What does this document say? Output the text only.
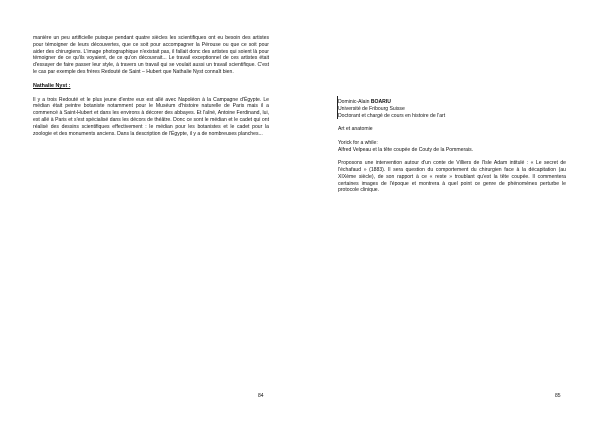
manière un peu artificielle puisque pendant quatre siècles les scientifiques ont eu besoin des artistes pour témoigner de leurs découvertes, que ce soit pour accompagner la Pérouse ou que ce soit pour aider des chirurgiens. L'image photographique n'existait pas, il fallait donc des artistes qui soient là pour témoigner de ce qu'ils voyaient, de ce qu'on découvrait... Le travail exceptionnel de ces artistes était d'essayer de faire passer leur style, à travers un travail qui se voulait aussi un travail scientifique. C'est le cas par exemple des frères Redouté de Saint – Hubert que Nathalie Nyst connaît bien.

Nathalie Nyst :

Il y a trois Redouté et le plus jeune d'entre eux est allé avec Napoléon à la Campagne d'Égypte. Le médian était peintre botaniste notamment pour le Muséum d'histoire naturelle de Paris mais il a commencé à Saint-Hubert et dans les environs à décorer des abbayes. Et l'aîné, Antoine Ferdinand, lui, est allé à Paris et s'est spécialisé dans les décors de théâtre. Donc ce sont le médian et le cadet qui ont réalisé des dessins scientifiques effectivement : le médian pour les botanistes et le cadet pour la zoologie et des monuments anciens. Dans la description de l'Égypte, il y a de nombreuses planches...

84

Dominic-Alain BOARIU

Université de Fribourg Suisse

Doctorant et chargé de cours en histoire de l'art

Art et anatomie

Yorick for a while:
Alfred Velpeau et la tête coupée de Couty de la Pommerais.

Proposons une intervention autour d'un conte de Villiers de l'Isle Adam intitulé : « Le secret de l'échafaud » (1883). Il sera question du comportement du chirurgien face à la décapitation (au XIXème siècle), de son rapport à ce « reste » troublant qu'est la tête coupée. Il commentera certaines images de l'époque et montrera à quel point ce genre de phénomènes perturbe le protocole clinique.

85
